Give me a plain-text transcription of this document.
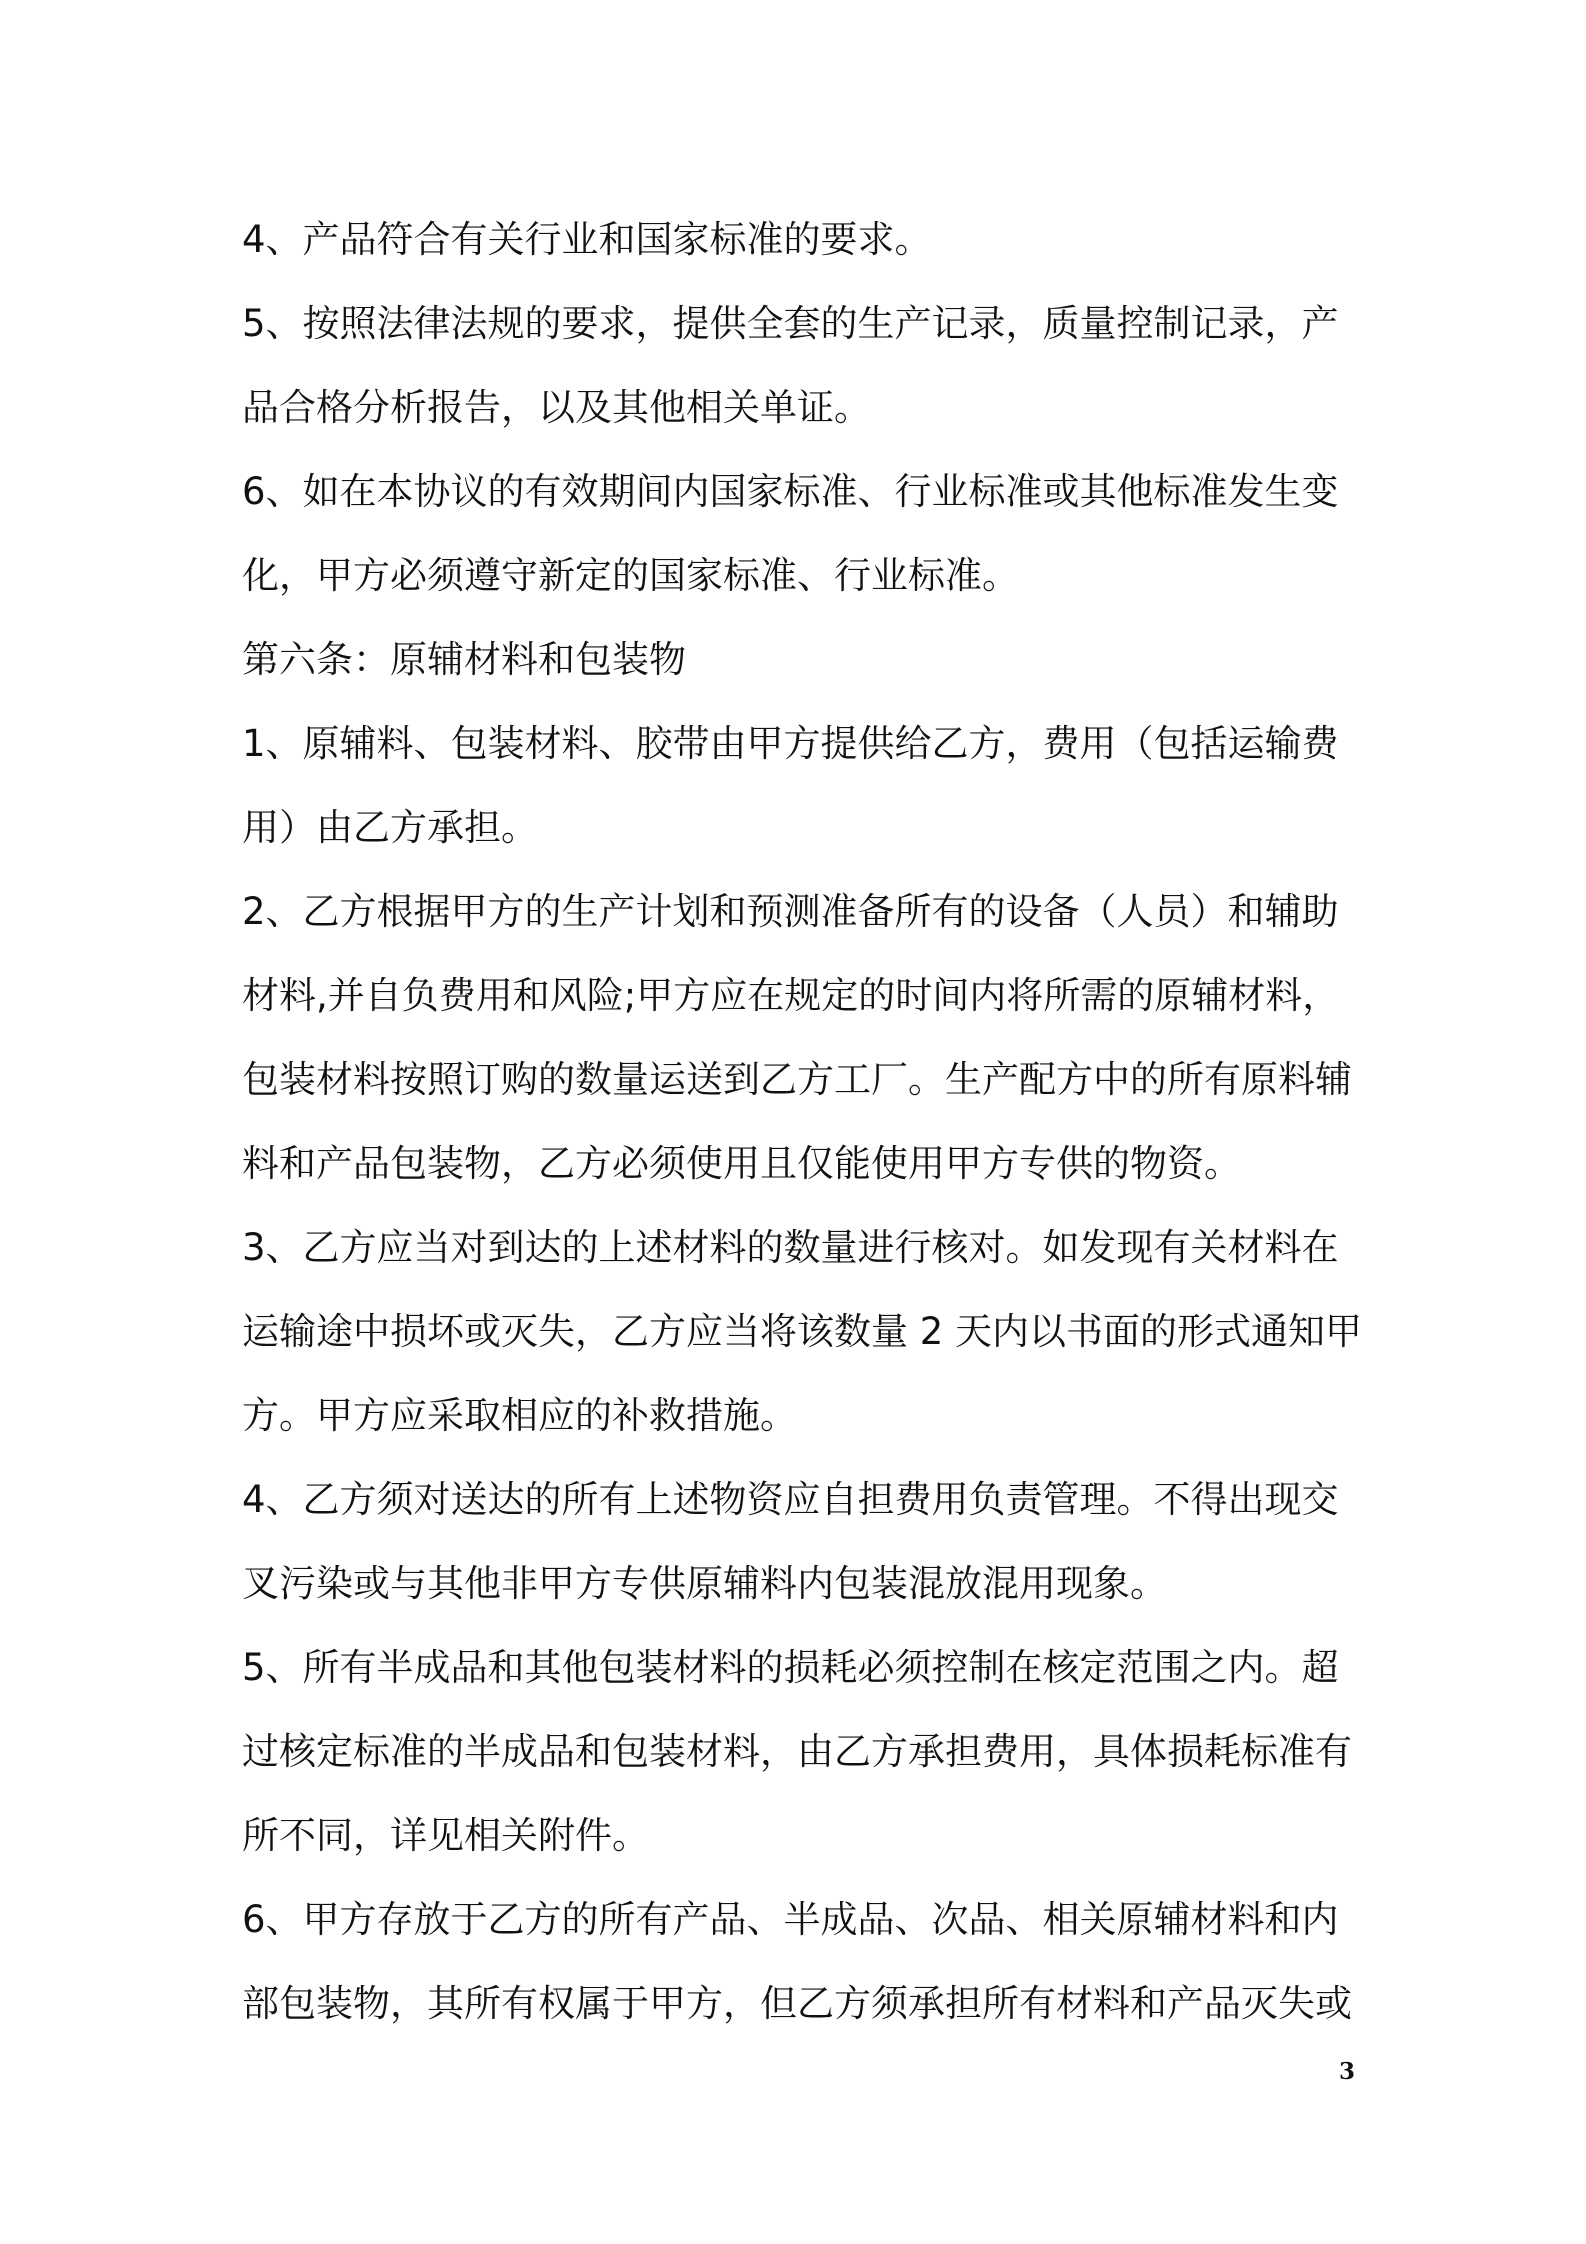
4、产品符合有关行业和国家标准的要求。

5、按照法律法规的要求，提供全套的生产记录，质量控制记录，产
品合格分析报告，以及其他相关单证。

6、如在本协议的有效期间内国家标准、行业标准或其他标准发生变
化，甲方必须遵守新定的国家标准、行业标准。

第六条：原辅材料和包装物

1、原辅料、包装材料、胶带由甲方提供给乙方，费用（包括运输费
用）由乙方承担。

2、乙方根据甲方的生产计划和预测准备所有的设备（人员）和辅助
材料,并自负费用和风险;甲方应在规定的时间内将所需的原辅材料，
包装材料按照订购的数量运送到乙方工厂。生产配方中的所有原料辅
料和产品包装物，乙方必须使用且仅能使用甲方专供的物资。

3、乙方应当对到达的上述材料的数量进行核对。如发现有关材料在
运输途中损坏或灭失，乙方应当将该数量 2 天内以书面的形式通知甲
方。甲方应采取相应的补救措施。

4、乙方须对送达的所有上述物资应自担费用负责管理。不得出现交
叉污染或与其他非甲方专供原辅料内包装混放混用现象。

5、所有半成品和其他包装材料的损耗必须控制在核定范围之内。超
过核定标准的半成品和包装材料，由乙方承担费用，具体损耗标准有
所不同，详见相关附件。

6、甲方存放于乙方的所有产品、半成品、次品、相关原辅材料和内
部包装物，其所有权属于甲方，但乙方须承担所有材料和产品灭失或

3
